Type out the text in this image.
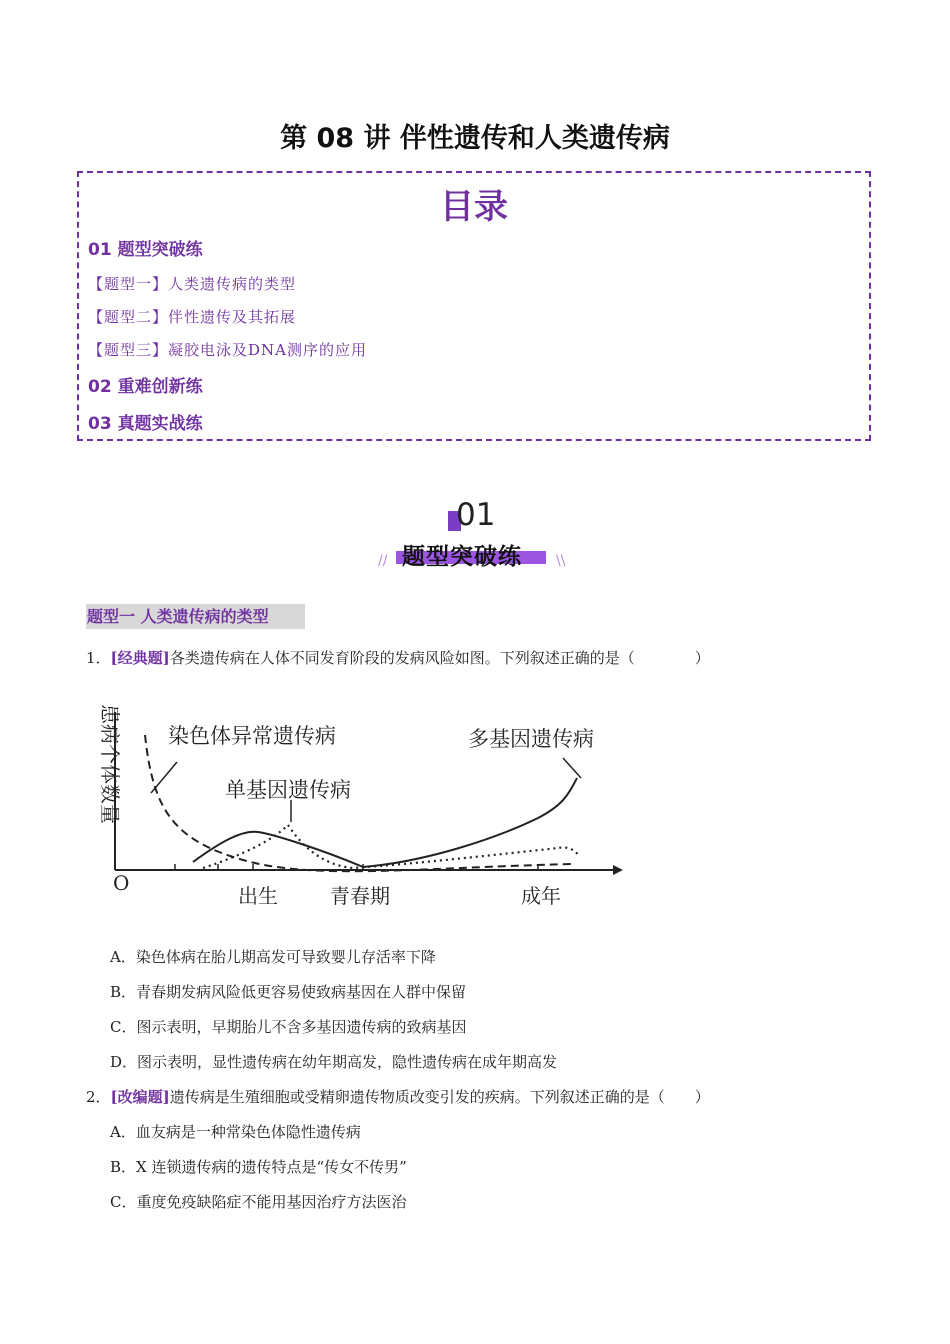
第 08 讲 伴性遗传和人类遗传病
目录
01 题型突破练
【题型一】人类遗传病的类型
【题型二】伴性遗传及其拓展
【题型三】凝胶电泳及DNA测序的应用
02 重难创新练
03 真题实战练
01
题型突破练
//	\\
题型一 人类遗传病的类型
1．[经典题]各类遗传病在人体不同发育阶段的发病风险如图。下列叙述正确的是（　　　　）
染色体异常遗传病
单基因遗传病
多基因遗传病
O
出生	青春期	成年
患病个体数量
A．染色体病在胎儿期高发可导致婴儿存活率下降
B．青春期发病风险低更容易使致病基因在人群中保留
C．图示表明，早期胎儿不含多基因遗传病的致病基因
D．图示表明，显性遗传病在幼年期高发，隐性遗传病在成年期高发
2．[改编题]遗传病是生殖细胞或受精卵遗传物质改变引发的疾病。下列叙述正确的是（　　）
A．血友病是一种常染色体隐性遗传病
B．X 连锁遗传病的遗传特点是“传女不传男”
C．重度免疫缺陷症不能用基因治疗方法医治
